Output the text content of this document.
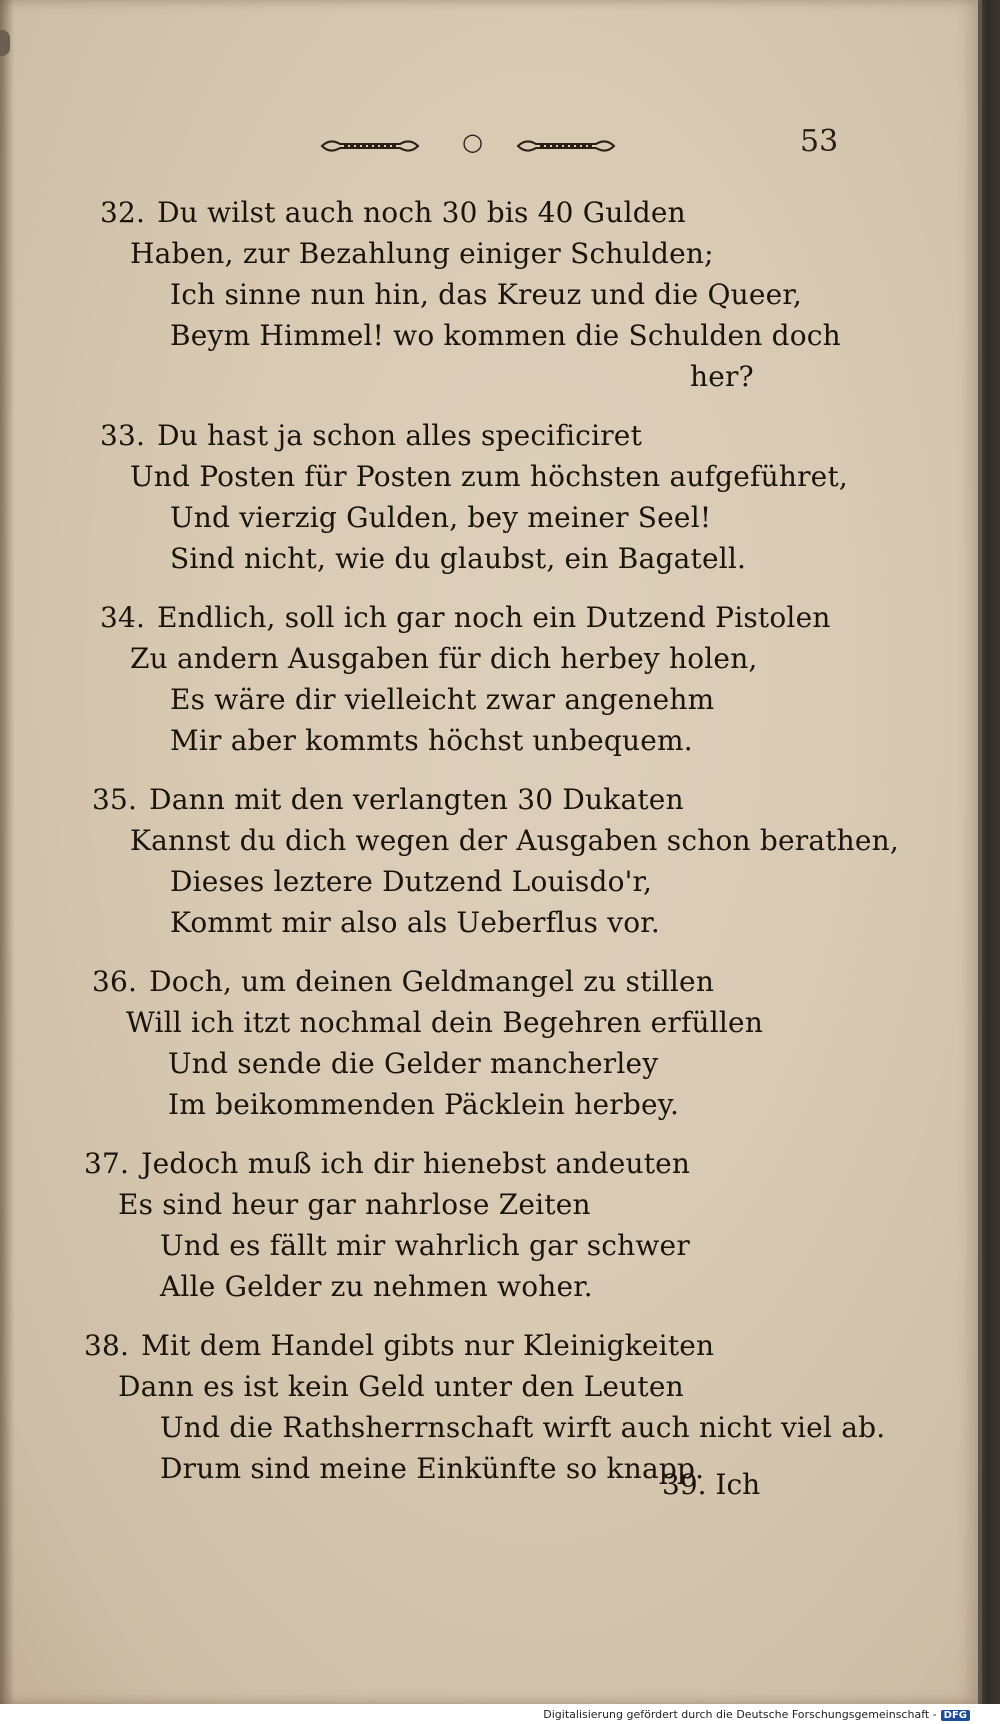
○	53
32. Du wilst auch noch 30 bis 40 Gulden
Haben, zur Bezahlung einiger Schulden;
Ich sinne nun hin, das Kreuz und die Queer,
Beym Himmel! wo kommen die Schulden doch
her?
33. Du hast ja schon alles specificiret
Und Posten für Posten zum höchsten aufgeführet,
Und vierzig Gulden, bey meiner Seel!
Sind nicht, wie du glaubst, ein Bagatell.
34. Endlich, soll ich gar noch ein Dutzend Pistolen
Zu andern Ausgaben für dich herbey holen,
Es wäre dir vielleicht zwar angenehm
Mir aber kommts höchst unbequem.
35. Dann mit den verlangten 30 Dukaten
Kannst du dich wegen der Ausgaben schon berathen,
Dieses leztere Dutzend Louisdo'r,
Kommt mir also als Ueberflus vor.
36. Doch, um deinen Geldmangel zu stillen
Will ich itzt nochmal dein Begehren erfüllen
Und sende die Gelder mancherley
Im beikommenden Päcklein herbey.
37. Jedoch muß ich dir hienebst andeuten
Es sind heur gar nahrlose Zeiten
Und es fällt mir wahrlich gar schwer
Alle Gelder zu nehmen woher.
38. Mit dem Handel gibts nur Kleinigkeiten
Dann es ist kein Geld unter den Leuten
Und die Rathsherrnschaft wirft auch nicht viel ab.
Drum sind meine Einkünfte so knapp.
39. Ich
Digitalisierung gefördert durch die Deutsche Forschungsgemeinschaft - DFG
